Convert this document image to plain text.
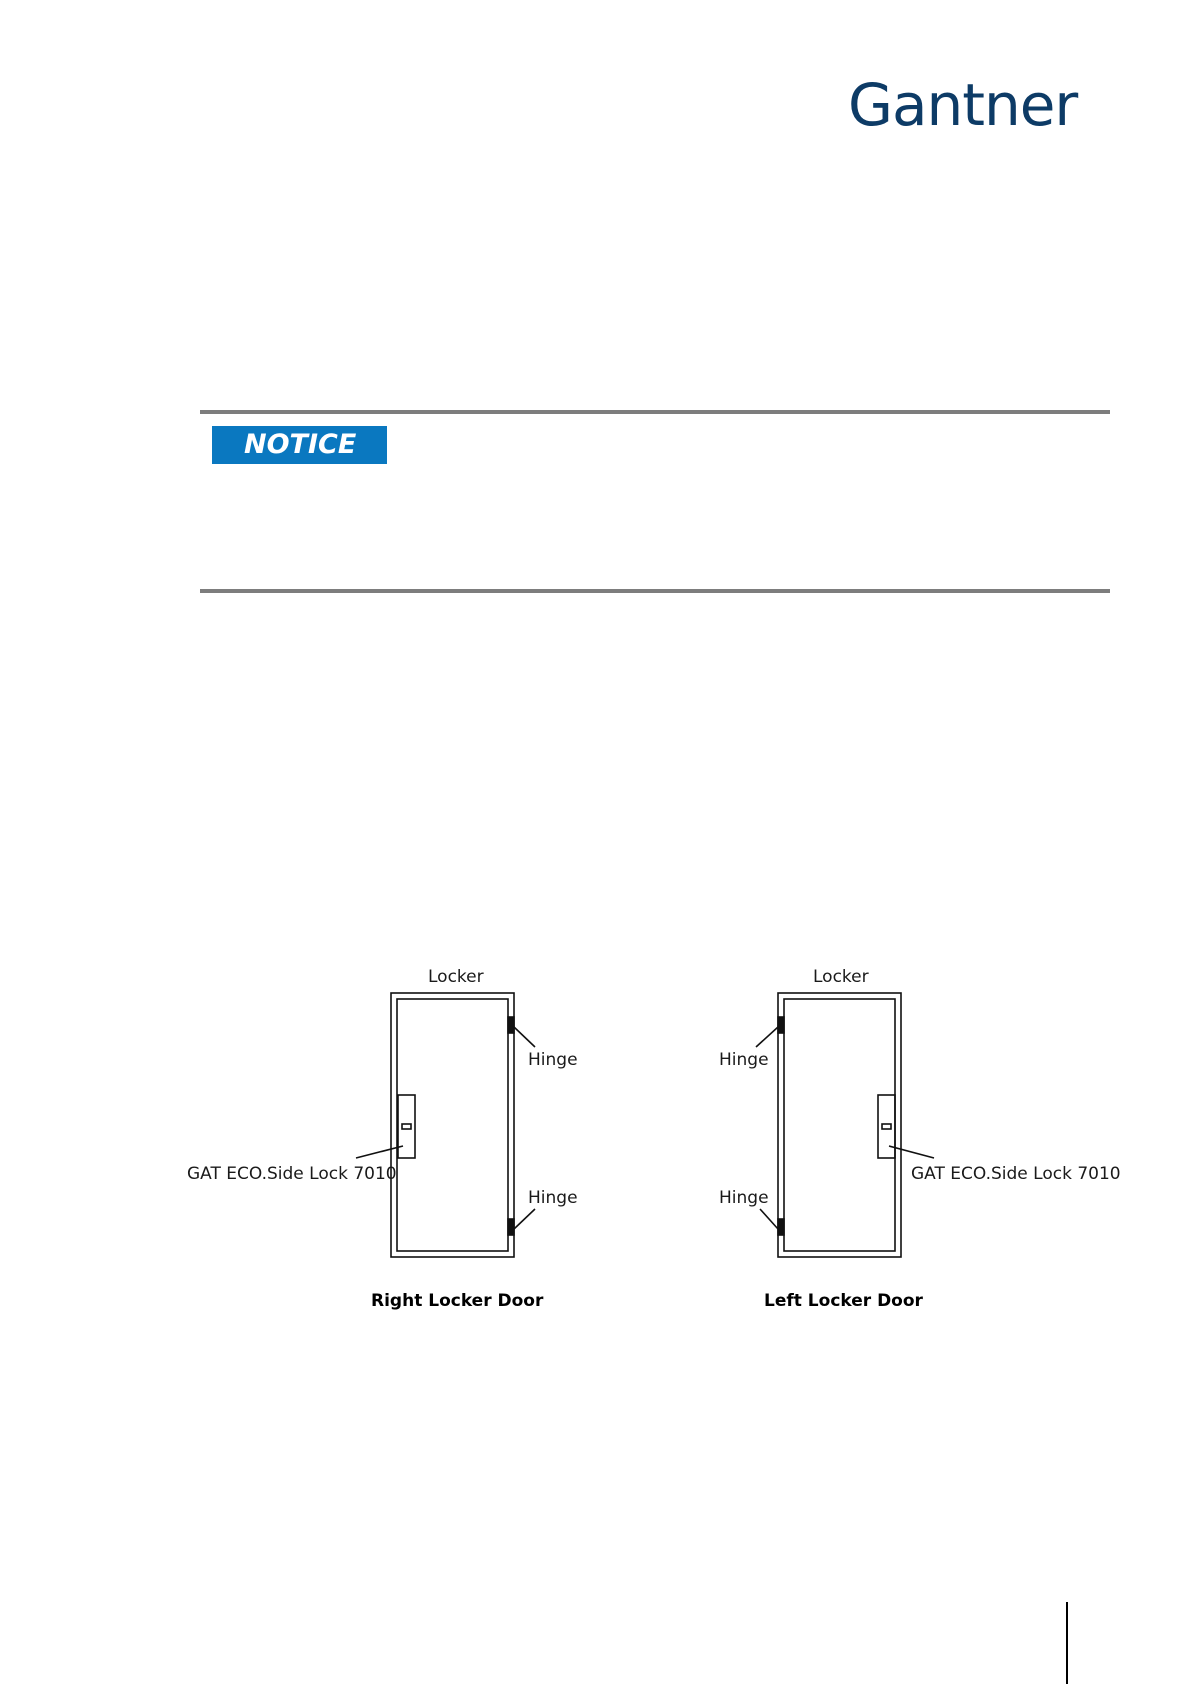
Gantner
NOTICE
Locker
Hinge
Hinge
GAT ECO.Side Lock 7010
Right Locker Door
Locker
Hinge
Hinge
GAT ECO.Side Lock 7010
Left Locker Door
